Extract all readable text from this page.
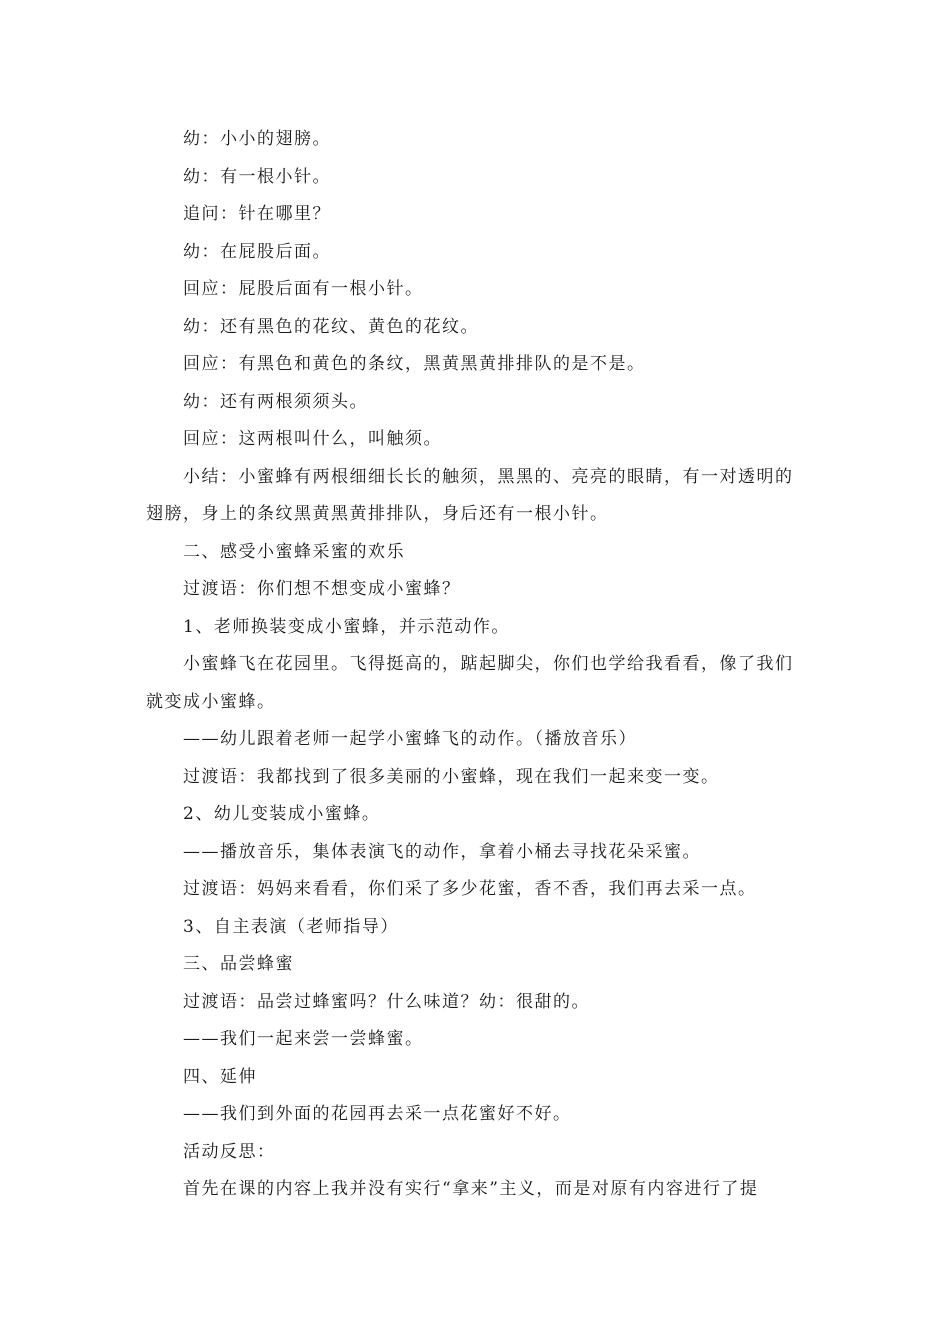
幼：小小的翅膀。

幼：有一根小针。

追问：针在哪里？

幼：在屁股后面。

回应：屁股后面有一根小针。

幼：还有黑色的花纹、黄色的花纹。

回应：有黑色和黄色的条纹，黑黄黑黄排排队的是不是。

幼：还有两根须须头。

回应：这两根叫什么，叫触须。

小结：小蜜蜂有两根细细长长的触须，黑黑的、亮亮的眼睛，有一对透明的翅膀，身上的条纹黑黄黑黄排排队，身后还有一根小针。

二、感受小蜜蜂采蜜的欢乐

过渡语：你们想不想变成小蜜蜂？

1、老师换装变成小蜜蜂，并示范动作。

小蜜蜂飞在花园里。飞得挺高的，踮起脚尖，你们也学给我看看，像了我们就变成小蜜蜂。

——幼儿跟着老师一起学小蜜蜂飞的动作。（播放音乐）

过渡语：我都找到了很多美丽的小蜜蜂，现在我们一起来变一变。

2、幼儿变装成小蜜蜂。

——播放音乐，集体表演飞的动作，拿着小桶去寻找花朵采蜜。

过渡语：妈妈来看看，你们采了多少花蜜，香不香，我们再去采一点。

3、自主表演（老师指导）

三、品尝蜂蜜

过渡语：品尝过蜂蜜吗？什么味道？幼：很甜的。

——我们一起来尝一尝蜂蜜。

四、延伸

——我们到外面的花园再去采一点花蜜好不好。

活动反思：

首先在课的内容上我并没有实行“拿来”主义，而是对原有内容进行了提
